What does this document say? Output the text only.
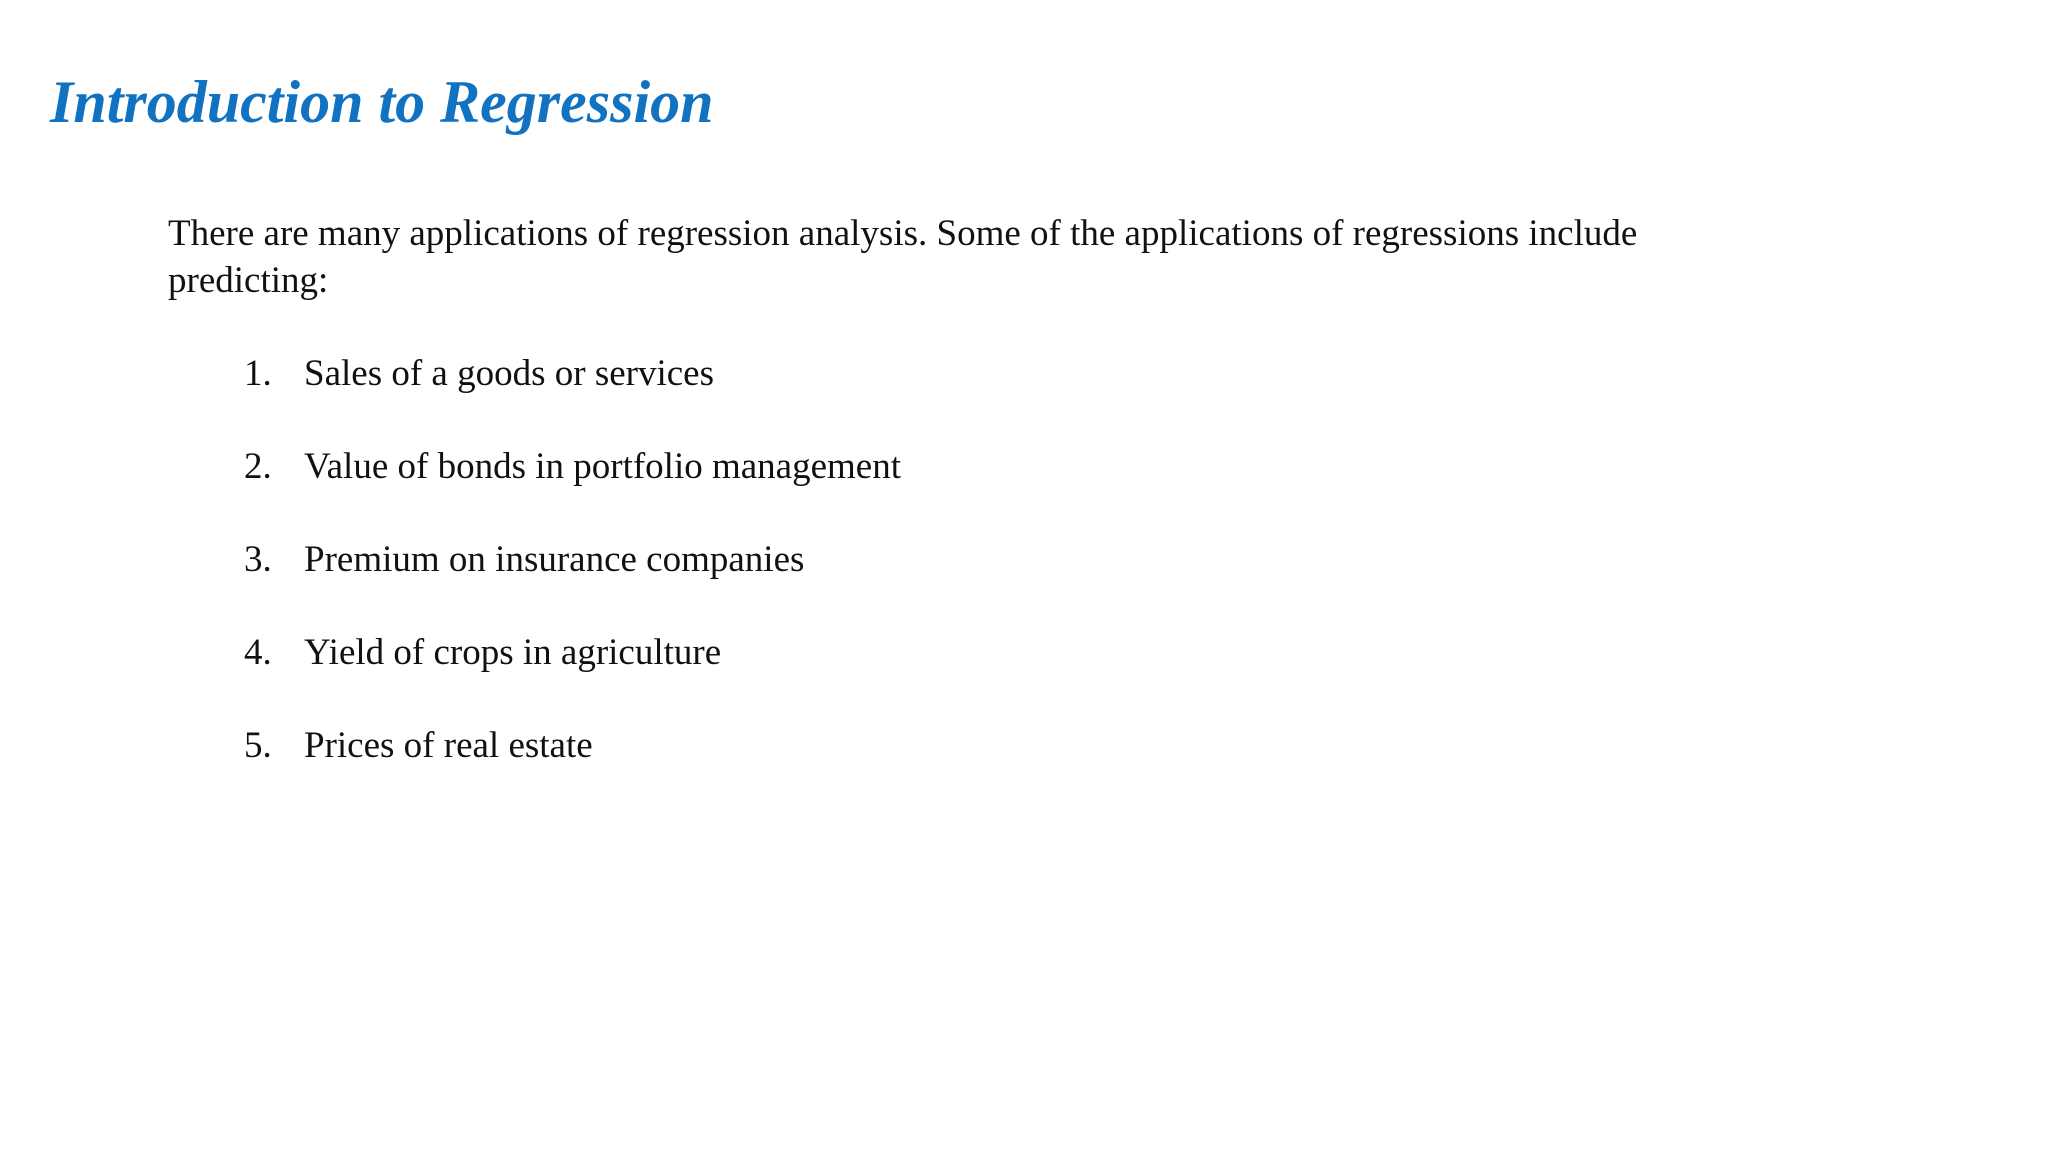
Introduction to Regression

There are many applications of regression analysis. Some of the applications of regressions include predicting:

1. Sales of a goods or services
2. Value of bonds in portfolio management
3. Premium on insurance companies
4. Yield of crops in agriculture
5. Prices of real estate
